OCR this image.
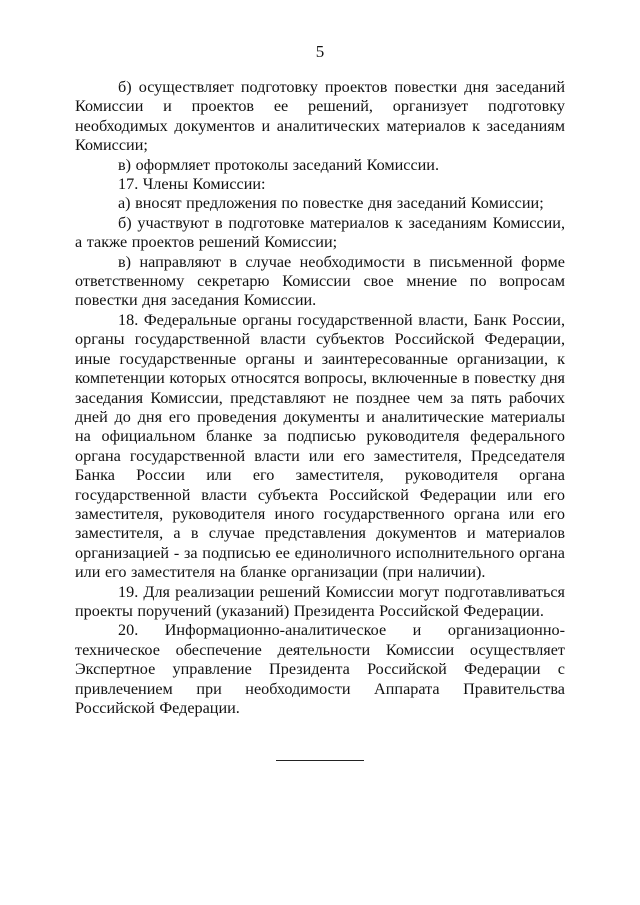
5

б) осуществляет подготовку проектов повестки дня заседаний Комиссии и проектов ее решений, организует подготовку необходимых документов и аналитических материалов к заседаниям Комиссии;

в) оформляет протоколы заседаний Комиссии.

17. Члены Комиссии:

а) вносят предложения по повестке дня заседаний Комиссии;

б) участвуют в подготовке материалов к заседаниям Комиссии, а также проектов решений Комиссии;

в) направляют в случае необходимости в письменной форме ответственному секретарю Комиссии свое мнение по вопросам повестки дня заседания Комиссии.

18. Федеральные органы государственной власти, Банк России, органы государственной власти субъектов Российской Федерации, иные государственные органы и заинтересованные организации, к компетенции которых относятся вопросы, включенные в повестку дня заседания Комиссии, представляют не позднее чем за пять рабочих дней до дня его проведения документы и аналитические материалы на официальном бланке за подписью руководителя федерального органа государственной власти или его заместителя, Председателя Банка России или его заместителя, руководителя органа государственной власти субъекта Российской Федерации или его заместителя, руководителя иного государственного органа или его заместителя, а в случае представления документов и материалов организацией - за подписью ее единоличного исполнительного органа или его заместителя на бланке организации (при наличии).

19. Для реализации решений Комиссии могут подготавливаться проекты поручений (указаний) Президента Российской Федерации.

20. Информационно-аналитическое и организационно-техническое обеспечение деятельности Комиссии осуществляет Экспертное управление Президента Российской Федерации с привлечением при необходимости Аппарата Правительства Российской Федерации.
